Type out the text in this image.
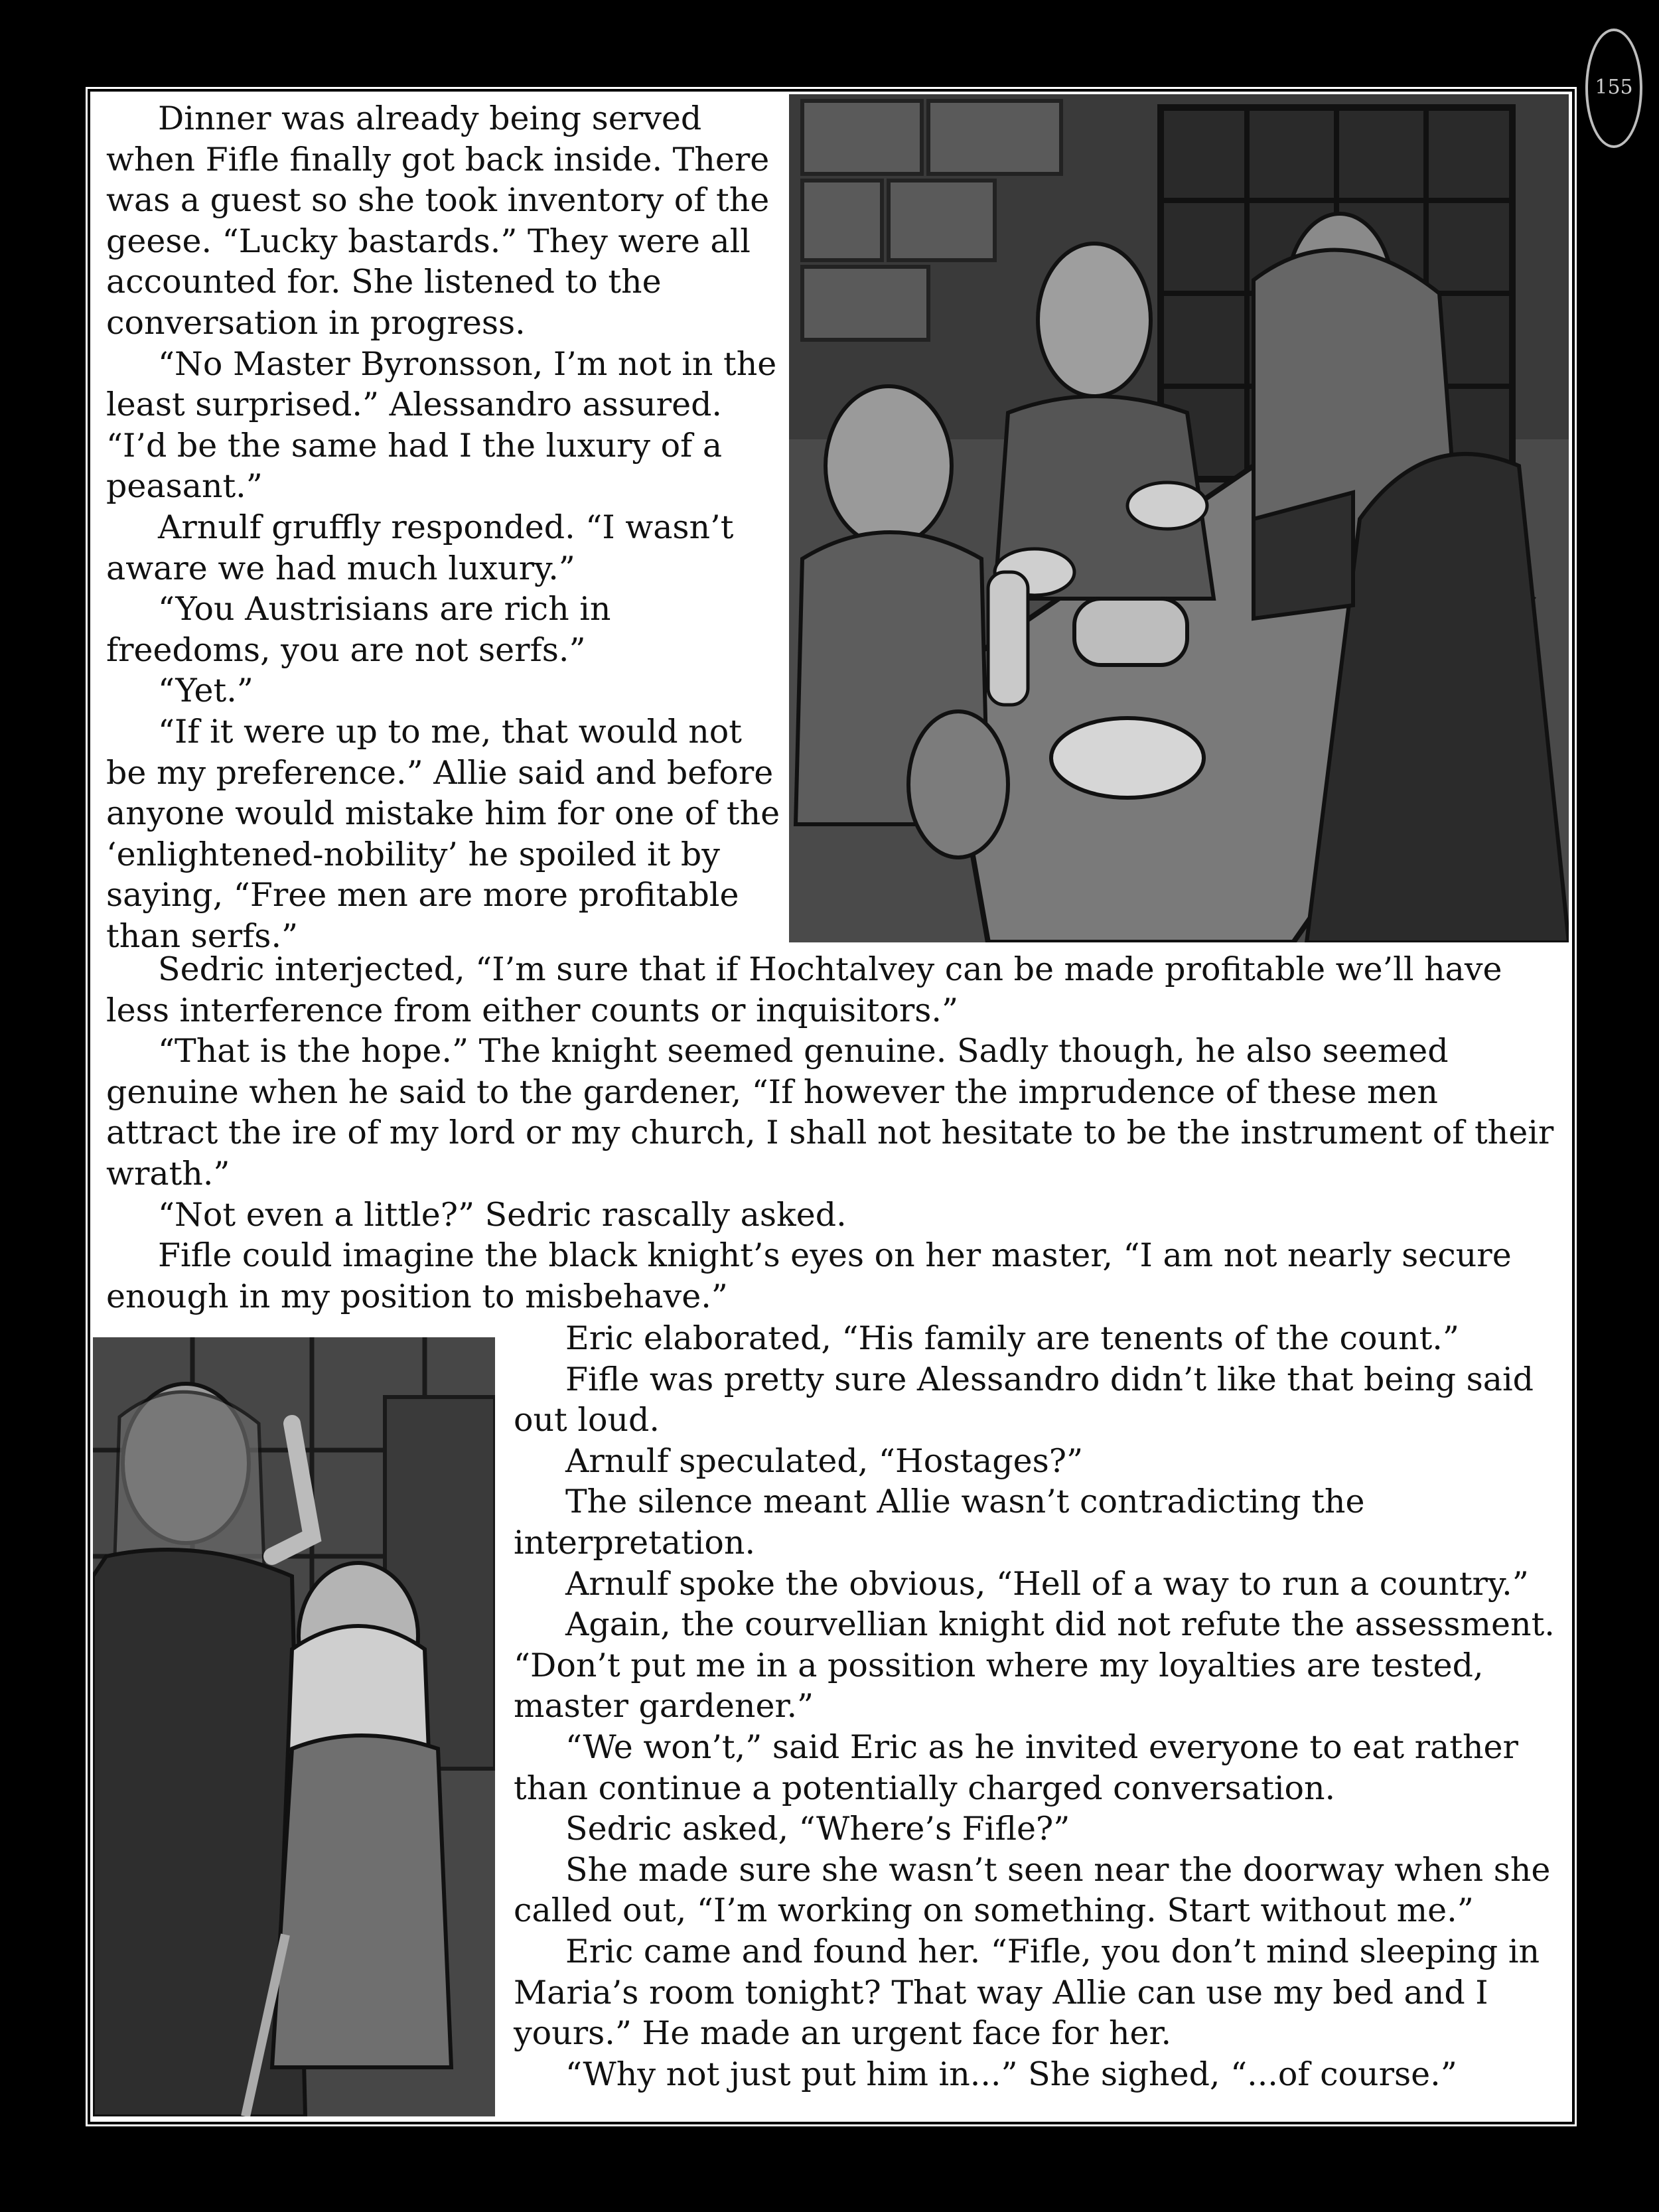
155

Dinner was already being served when Fifle finally got back inside. There was a guest so she took inventory of the geese. “Lucky bastards.” They were all accounted for. She listened to the conversation in progress.

“No Master Byronsson, I’m not in the least surprised.” Alessandro assured. “I’d be the same had I the luxury of a peasant.”

Arnulf gruffly responded. “I wasn’t aware we had much luxury.”

“You Austrisians are rich in freedoms, you are not serfs.”

“Yet.”

“If it were up to me, that would not be my preference.” Allie said and before anyone would mistake him for one of the ‘enlightened-nobility’ he spoiled it by saying, “Free men are more profitable than serfs.”

Sedric interjected, “I’m sure that if Hochtalvey can be made profitable we’ll have less interference from either counts or inquisitors.”

“That is the hope.” The knight seemed genuine. Sadly though, he also seemed genuine when he said to the gardener, “If however the imprudence of these men attract the ire of my lord or my church, I shall not hesitate to be the instrument of their wrath.”

“Not even a little?” Sedric rascally asked.

Fifle could imagine the black knight’s eyes on her master, “I am not nearly secure enough in my position to misbehave.”

Eric elaborated, “His family are tenents of the count.”

Fifle was pretty sure Alessandro didn’t like that being said out loud.

Arnulf speculated, “Hostages?”

The silence meant Allie wasn’t contradicting the interpretation.

Arnulf spoke the obvious, “Hell of a way to run a country.”

Again, the courvellian knight did not refute the assessment. “Don’t put me in a possition where my loyalties are tested, master gardener.”

“We won’t,” said Eric as he invited everyone to eat rather than continue a potentially charged conversation.

Sedric asked, “Where’s Fifle?”

She made sure she wasn’t seen near the doorway when she called out, “I’m working on something. Start without me.”

Eric came and found her. “Fifle, you don’t mind sleeping in Maria’s room tonight? That way Allie can use my bed and I yours.” He made an urgent face for her.

“Why not just put him in...” She sighed, “...of course.”
